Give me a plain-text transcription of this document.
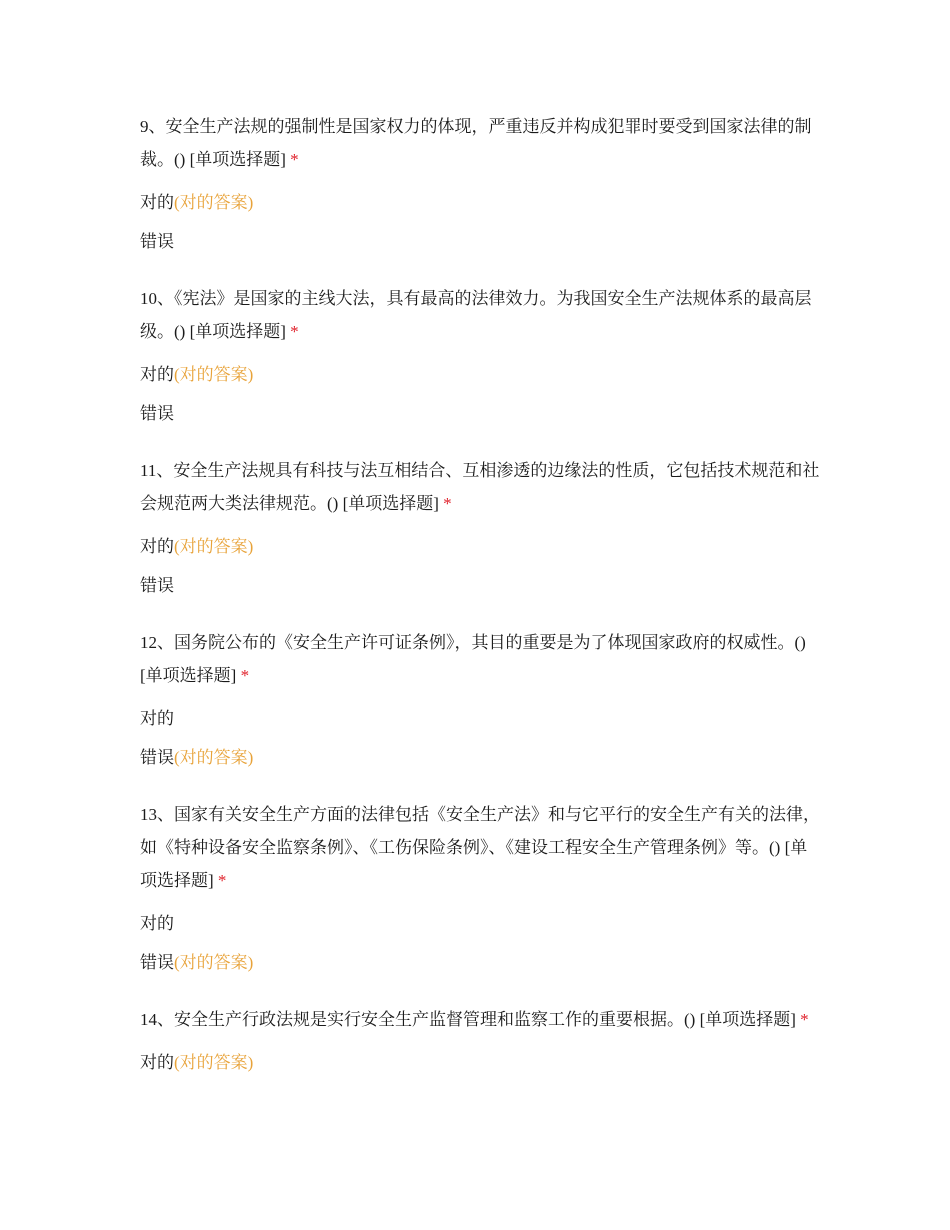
9、安全生产法规的强制性是国家权力的体现，严重违反并构成犯罪时要受到国家法律的制裁。() [单项选择题] *

对的(对的答案)

错误

10、《宪法》是国家的主线大法，具有最高的法律效力。为我国安全生产法规体系的最高层级。() [单项选择题] *

对的(对的答案)

错误

11、安全生产法规具有科技与法互相结合、互相渗透的边缘法的性质，它包括技术规范和社会规范两大类法律规范。() [单项选择题] *

对的(对的答案)

错误

12、国务院公布的《安全生产许可证条例》，其目的重要是为了体现国家政府的权威性。() [单项选择题] *

对的

错误(对的答案)

13、国家有关安全生产方面的法律包括《安全生产法》和与它平行的安全生产有关的法律，如《特种设备安全监察条例》、《工伤保险条例》、《建设工程安全生产管理条例》等。() [单项选择题] *

对的

错误(对的答案)

14、安全生产行政法规是实行安全生产监督管理和监察工作的重要根据。() [单项选择题] *

对的(对的答案)
